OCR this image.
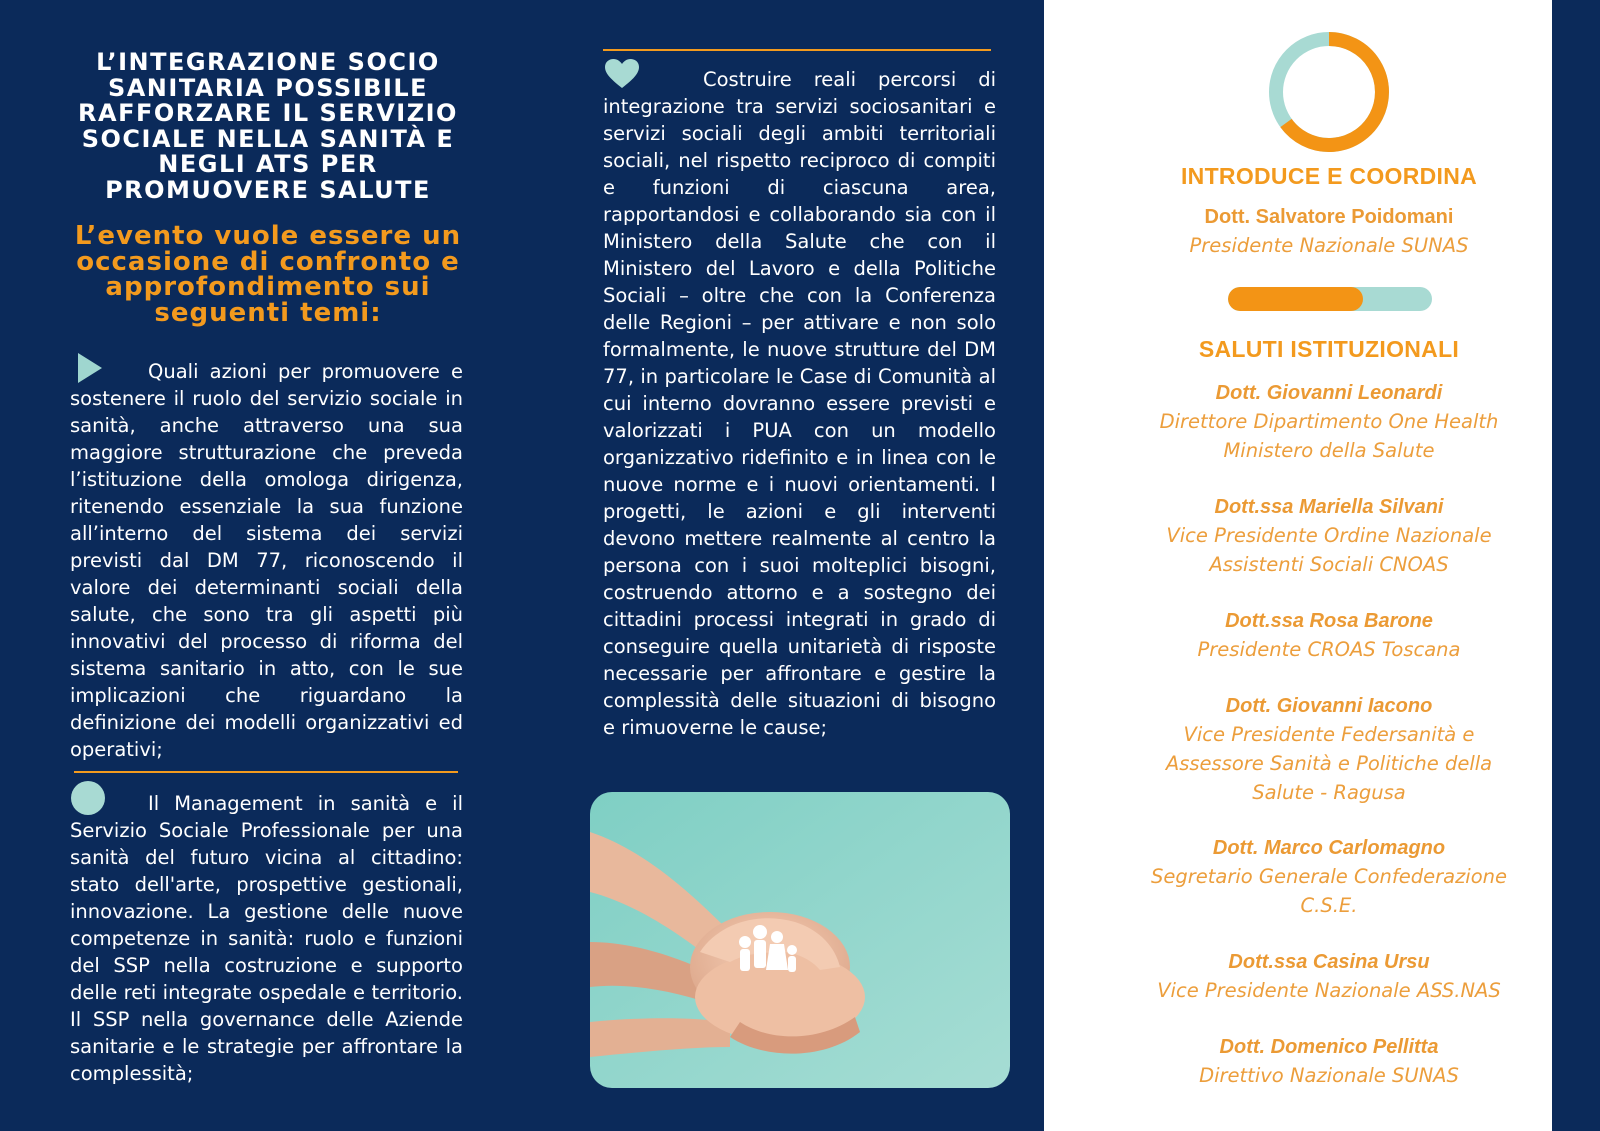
L’INTEGRAZIONE SOCIO SANITARIA POSSIBILE RAFFORZARE IL SERVIZIO SOCIALE NELLA SANITÀ E NEGLI ATS PER PROMUOVERE SALUTE
L’evento vuole essere un occasione di confronto e approfondimento sui seguenti temi:

Quali azioni per promuovere e sostenere il ruolo del servizio sociale in sanità, anche attraverso una sua maggiore strutturazione che preveda l’istituzione della omologa dirigenza, ritenendo essenziale la sua funzione all’interno del sistema dei servizi previsti dal DM 77, riconoscendo il valore dei determinanti sociali della salute, che sono tra gli aspetti più innovativi del processo di riforma del sistema sanitario in atto, con le sue implicazioni che riguardano la definizione dei modelli organizzativi ed operativi;

Il Management in sanità e il Servizio Sociale Professionale per una sanità del futuro vicina al cittadino: stato dell'arte, prospettive gestionali, innovazione. La gestione delle nuove competenze in sanità: ruolo e funzioni del SSP nella costruzione e supporto delle reti integrate ospedale e territorio. Il SSP nella governance delle Aziende sanitarie e le strategie per affrontare la complessità;

Costruire reali percorsi di integrazione tra servizi sociosanitari e servizi sociali degli ambiti territoriali sociali, nel rispetto reciproco di compiti e funzioni di ciascuna area, rapportandosi e collaborando sia con il Ministero della Salute che con il Ministero del Lavoro e della Politiche Sociali – oltre che con la Conferenza delle Regioni – per attivare e non solo formalmente, le nuove strutture del DM 77, in particolare le Case di Comunità al cui interno dovranno essere previsti e valorizzati i PUA con un modello organizzativo ridefinito e in linea con le nuove norme e i nuovi orientamenti. I progetti, le azioni e gli interventi devono mettere realmente al centro la persona con i suoi molteplici bisogni, costruendo attorno e a sostegno dei cittadini processi integrati in grado di conseguire quella unitarietà di risposte necessarie per affrontare e gestire la complessità delle situazioni di bisogno e rimuoverne le cause;

INTRODUCE E COORDINA
Dott. Salvatore Poidomani
Presidente Nazionale SUNAS
SALUTI ISTITUZIONALI
Dott. Giovanni Leonardi
Direttore Dipartimento One Health
Ministero della Salute
Dott.ssa Mariella Silvani
Vice Presidente Ordine Nazionale
Assistenti Sociali CNOAS
Dott.ssa Rosa Barone
Presidente CROAS Toscana
Dott. Giovanni Iacono
Vice Presidente Federsanità e
Assessore Sanità e Politiche della
Salute - Ragusa
Dott. Marco Carlomagno
Segretario Generale Confederazione
C.S.E.
Dott.ssa Casina Ursu
Vice Presidente Nazionale ASS.NAS
Dott. Domenico Pellitta
Direttivo Nazionale SUNAS
